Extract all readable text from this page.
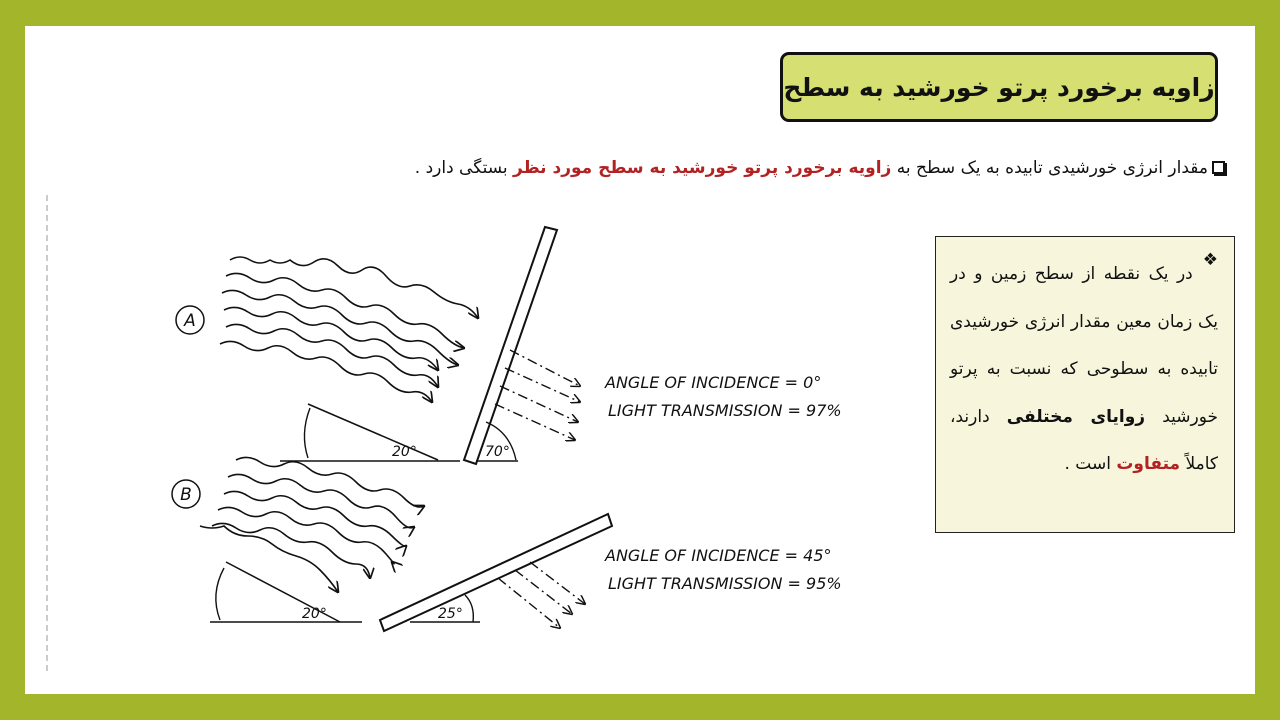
زاویه برخورد پرتو خورشید به سطح
مقدار انرژی خورشیدی تابیده به یک سطح به زاویه برخورد پرتو خورشید به سطح مورد نظر بستگی دارد .
❖
در یک نقطه از سطح زمین و در یک زمان معین مقدار انرژی خورشیدی تابیده به سطوحی که نسبت به پرتو خورشید زوایای مختلفی دارند، کاملاً متفاوت است .
A
20°	70°
ANGLE OF INCIDENCE = 0°
LIGHT TRANSMISSION = 97%
B
20°	25°
ANGLE OF INCIDENCE = 45°
LIGHT TRANSMISSION = 95%
